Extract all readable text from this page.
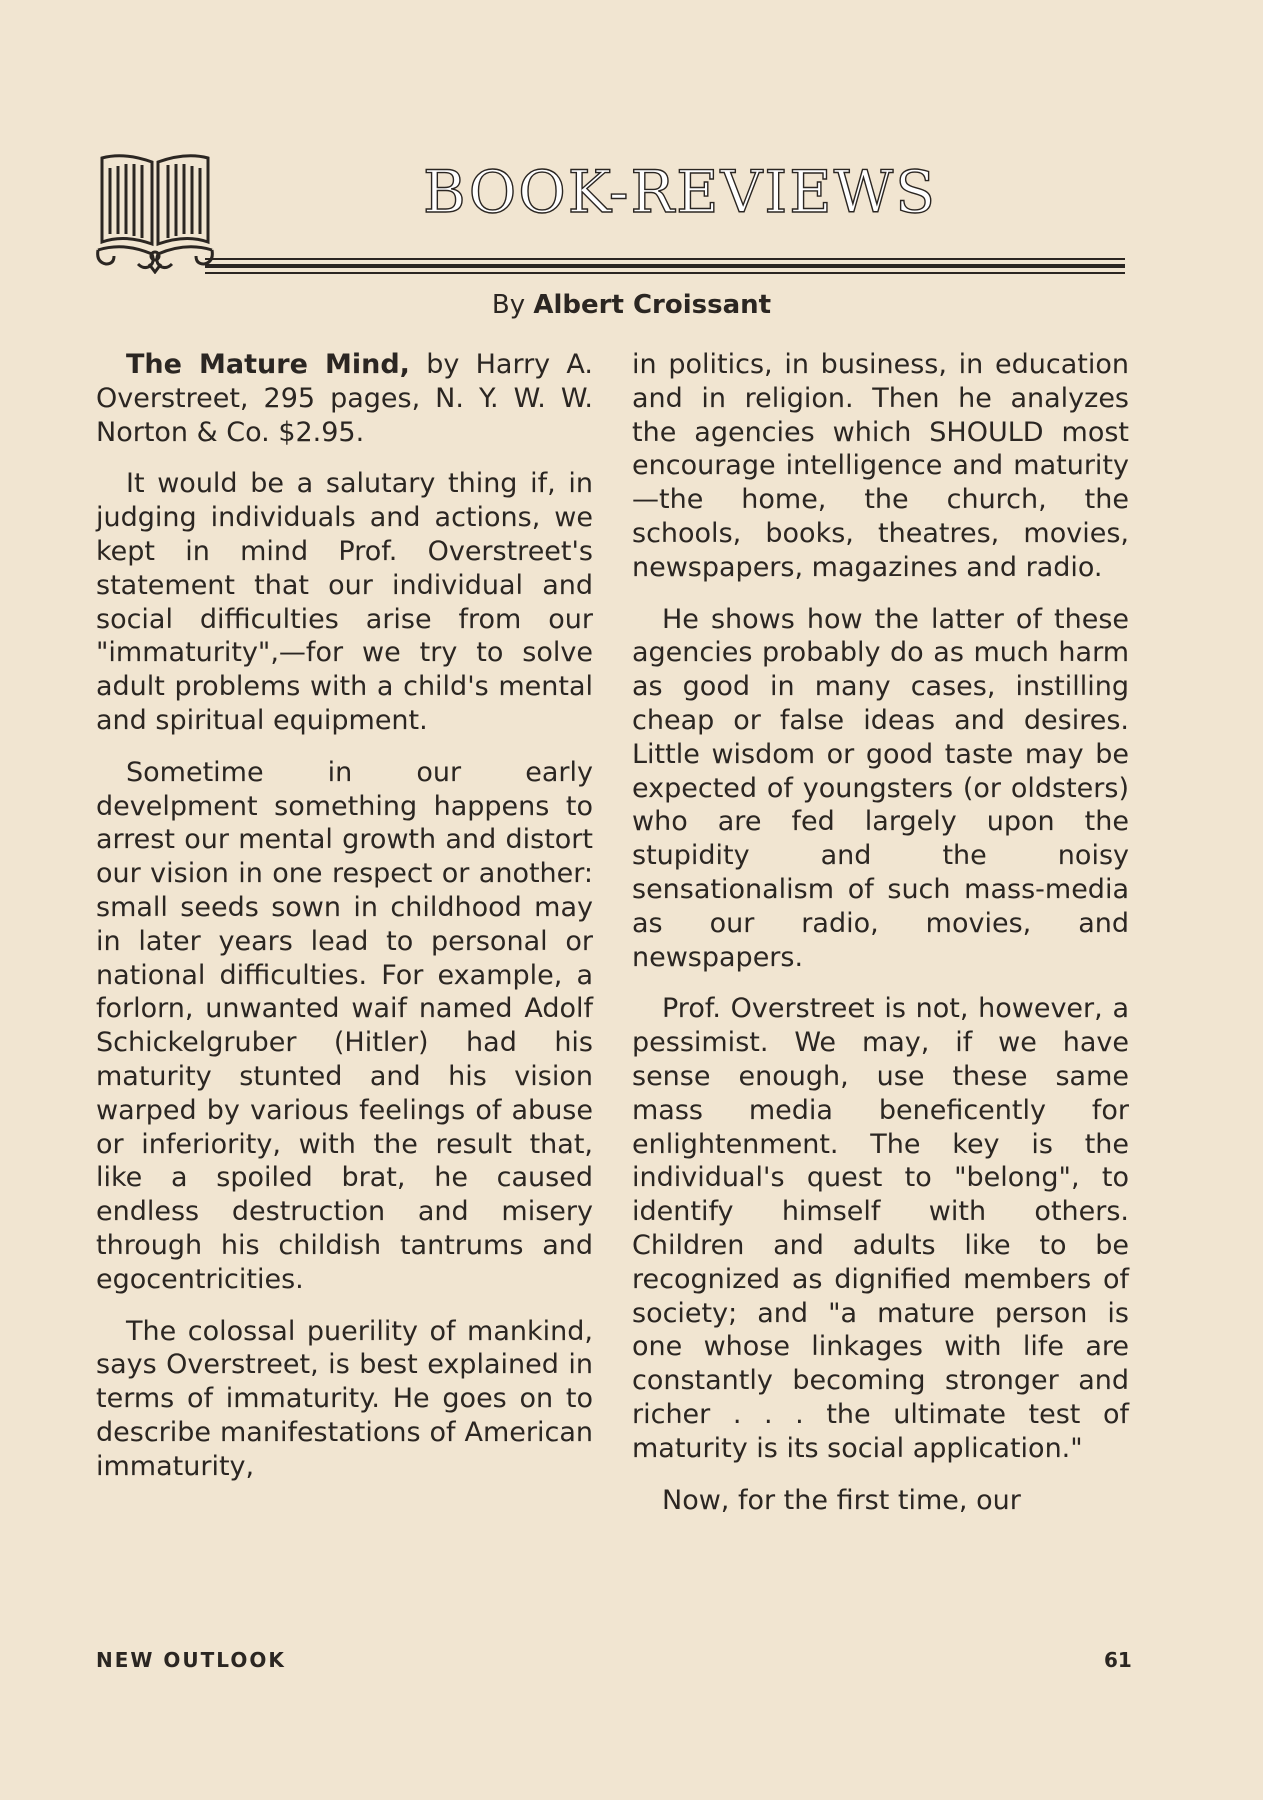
BOOK-REVIEWS
By Albert Croissant

The Mature Mind, by Harry A. Overstreet, 295 pages, N. Y. W. W. Norton & Co. $2.95.

It would be a salutary thing if, in judging individuals and actions, we kept in mind Prof. Overstreet's statement that our individual and social difficulties arise from our "immaturity",—for we try to solve adult problems with a child's mental and spiritual equipment.

Sometime in our early develpment something happens to arrest our mental growth and distort our vision in one respect or another: small seeds sown in childhood may in later years lead to personal or national difficulties. For example, a forlorn, unwanted waif named Adolf Schickelgruber (Hitler) had his maturity stunted and his vision warped by various feelings of abuse or inferiority, with the result that, like a spoiled brat, he caused endless destruction and misery through his childish tantrums and egocentricities.

The colossal puerility of mankind, says Overstreet, is best explained in terms of immaturity. He goes on to describe manifestations of American immaturity,

in politics, in business, in education and in religion. Then he analyzes the agencies which SHOULD most encourage intelligence and maturity—the home, the church, the schools, books, theatres, movies, newspapers, magazines and radio.

He shows how the latter of these agencies probably do as much harm as good in many cases, instilling cheap or false ideas and desires. Little wisdom or good taste may be expected of youngsters (or oldsters) who are fed largely upon the stupidity and the noisy sensationalism of such mass-media as our radio, movies, and newspapers.

Prof. Overstreet is not, however, a pessimist. We may, if we have sense enough, use these same mass media beneficently for enlightenment. The key is the individual's quest to "belong", to identify himself with others. Children and adults like to be recognized as dignified members of society; and "a mature person is one whose linkages with life are constantly becoming stronger and richer . . . the ultimate test of maturity is its social application."

Now, for the first time, our

NEW OUTLOOK	61
